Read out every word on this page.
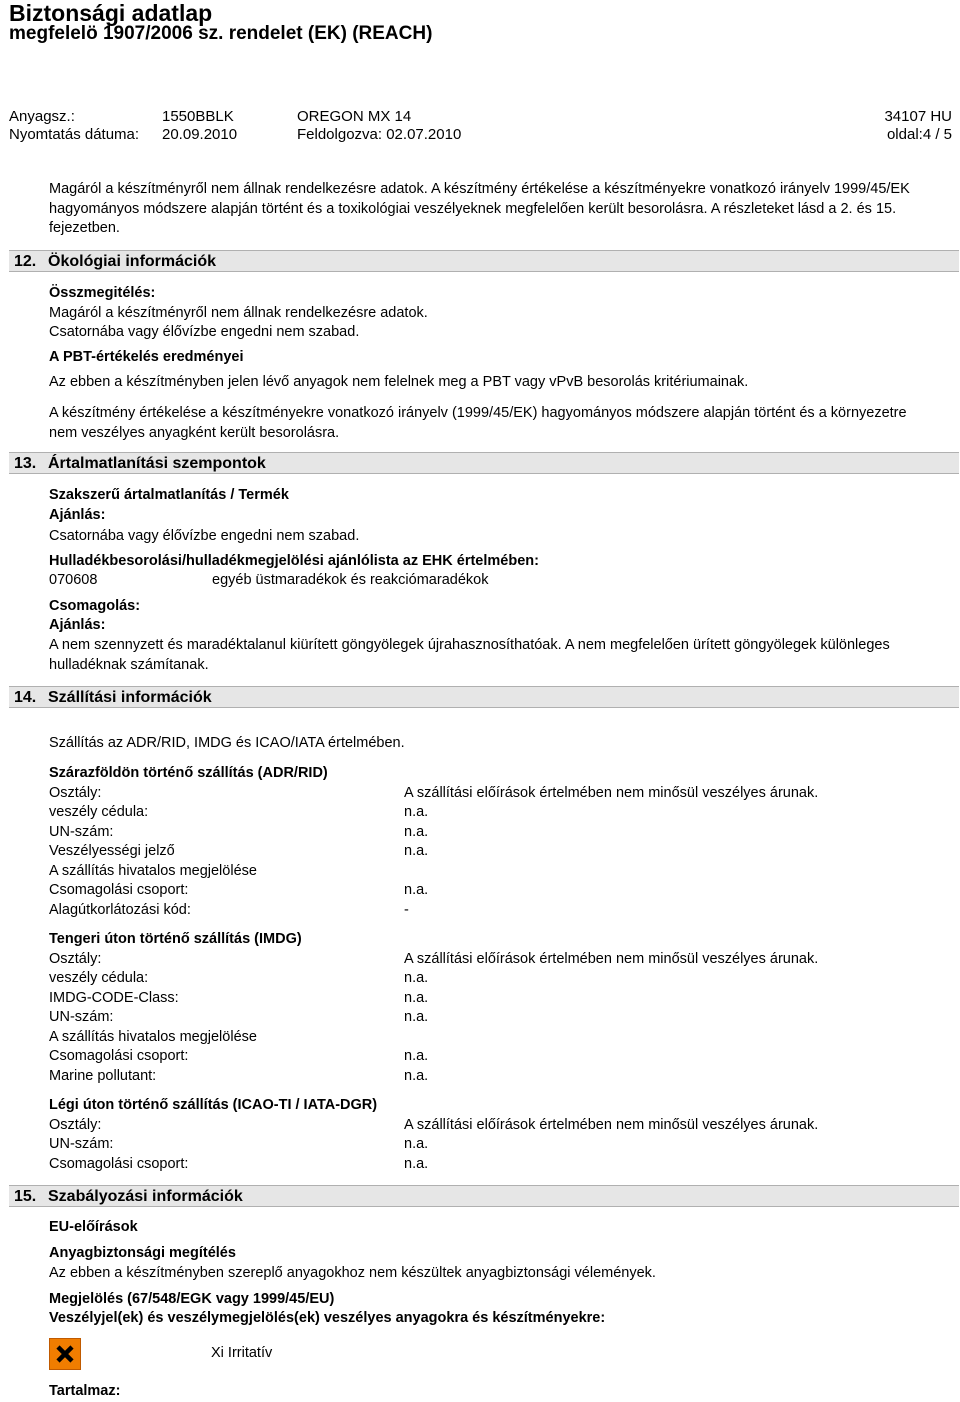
Biztonsági adatlap
megfelelö 1907/2006 sz. rendelet (EK) (REACH)
Anyagsz.:	1550BBLK	OREGON MX 14	34107 HU
Nyomtatás dátuma: 20.09.2010	Feldolgozva: 02.07.2010	oldal:4 / 5
Magáról a készítményről nem állnak rendelkezésre adatok. A készítmény értékelése a készítményekre vonatkozó irányelv 1999/45/EK hagyományos módszere alapján történt és a toxikológiai veszélyeknek megfelelően került besorolásra. A részleteket lásd a 2. és 15. fejezetben.
12. Ökológiai információk
Összmegitélés:
Magáról a készítményről nem állnak rendelkezésre adatok.
Csatornába vagy élővízbe engedni nem szabad.
A PBT-értékelés eredményei
Az ebben a készítményben jelen lévő anyagok nem felelnek meg a PBT vagy vPvB besorolás kritériumainak.
A készítmény értékelése a készítményekre vonatkozó irányelv (1999/45/EK) hagyományos módszere alapján történt és a környezetre nem veszélyes anyagként került besorolásra.
13. Ártalmatlanítási szempontok
Szakszerű ártalmatlanítás / Termék
Ajánlás:
Csatornába vagy élővízbe engedni nem szabad.
Hulladékbesorolási/hulladékmegjelölési ajánlólista az EHK értelmében:
070608	egyéb üstmaradékok és reakciómaradékok
Csomagolás:
Ajánlás:
A nem szennyzett és maradéktalanul kiürített göngyölegek újrahasznosíthatóak. A nem megfelelően ürített göngyölegek különleges hulladéknak számítanak.
14. Szállítási információk
Szállítás az ADR/RID, IMDG és ICAO/IATA értelmében.
Szárazföldön történő szállítás (ADR/RID)
Osztály:	A szállítási előírások értelmében nem minősül veszélyes árunak.
veszély cédula:	n.a.
UN-szám:	n.a.
Veszélyességi jelző	n.a.
A szállítás hivatalos megjelölése
Csomagolási csoport:	n.a.
Alagútkorlátozási kód:	-
Tengeri úton történő szállítás (IMDG)
Osztály:	A szállítási előírások értelmében nem minősül veszélyes árunak.
veszély cédula:	n.a.
IMDG-CODE-Class:	n.a.
UN-szám:	n.a.
A szállítás hivatalos megjelölése
Csomagolási csoport:	n.a.
Marine pollutant:	n.a.
Légi úton történő szállítás (ICAO-TI / IATA-DGR)
Osztály:	A szállítási előírások értelmében nem minősül veszélyes árunak.
UN-szám:	n.a.
Csomagolási csoport:	n.a.
15. Szabályozási információk
EU-előírások
Anyagbiztonsági megítélés
Az ebben a készítményben szereplő anyagokhoz nem készültek anyagbiztonsági vélemények.
Megjelölés (67/548/EGK vagy 1999/45/EU)
Veszélyjel(ek) és veszélymegjelölés(ek) veszélyes anyagokra és készítményekre:
Xi Irritatív
Tartalmaz:
